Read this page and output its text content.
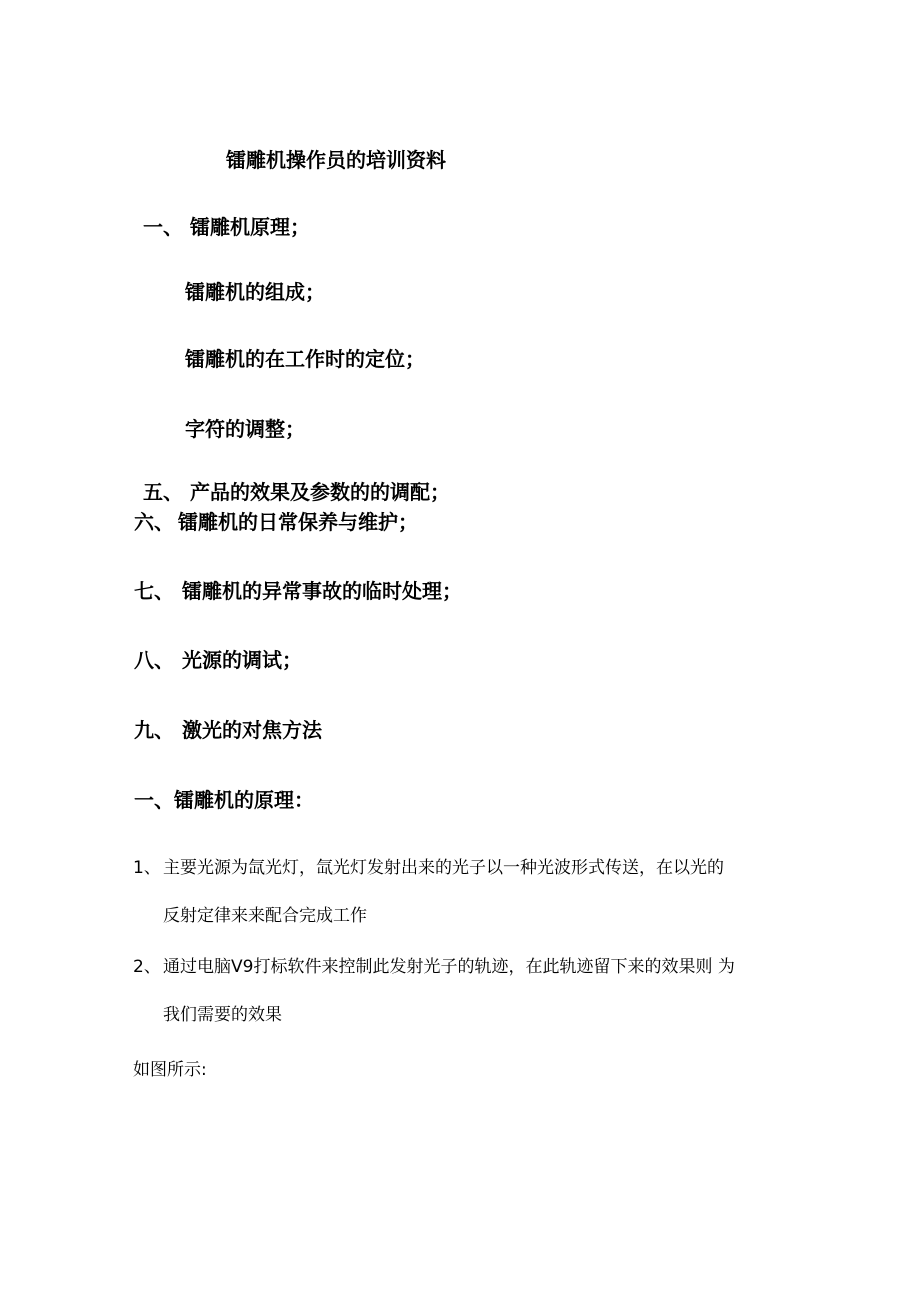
镭雕机操作员的培训资料
一、 镭雕机原理；
镭雕机的组成；
镭雕机的在工作时的定位；
字符的调整；
五、 产品的效果及参数的的调配；
六、 镭雕机的日常保养与维护；
七、 镭雕机的异常事故的临时处理；
八、 光源的调试；
九、 激光的对焦方法
一、镭雕机的原理：
1、 主要光源为氙光灯，氙光灯发射出来的光子以一种光波形式传送，在以光的
反射定律来来配合完成工作
2、 通过电脑V9打标软件来控制此发射光子的轨迹，在此轨迹留下来的效果则 为
我们需要的效果
如图所示:
